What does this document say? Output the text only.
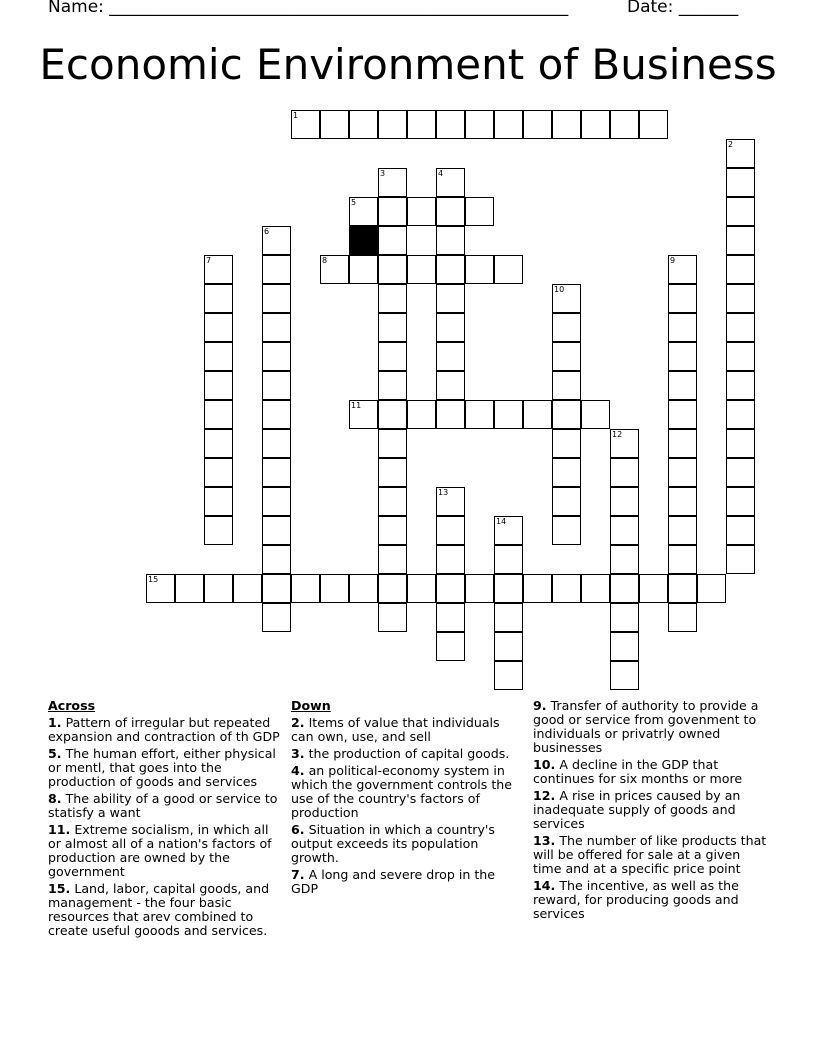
Name: ______________________________________________________	Date: _______
Economic Environment of Business
1
2
3	4
5
6
7	8	9
10
11
12
13
14
15
Across
1. Pattern of irregular but repeated expansion and contraction of th GDP
5. The human effort, either physical or mentl, that goes into the production of goods and services
8. The ability of a good or service to statisfy a want
11. Extreme socialism, in which all or almost all of a nation's factors of production are owned by the government
15. Land, labor, capital goods, and management - the four basic resources that arev combined to create useful gooods and services.
Down
2. Items of value that individuals can own, use, and sell
3. the production of capital goods.
4. an political-economy system in which the government controls the use of the country's factors of production
6. Situation in which a country's output exceeds its population growth.
7. A long and severe drop in the GDP
9. Transfer of authority to provide a good or service from govenment to individuals or privatrly owned businesses
10. A decline in the GDP that continues for six months or more
12. A rise in prices caused by an inadequate supply of goods and services
13. The number of like products that will be offered for sale at a given time and at a specific price point
14. The incentive, as well as the reward, for producing goods and services
